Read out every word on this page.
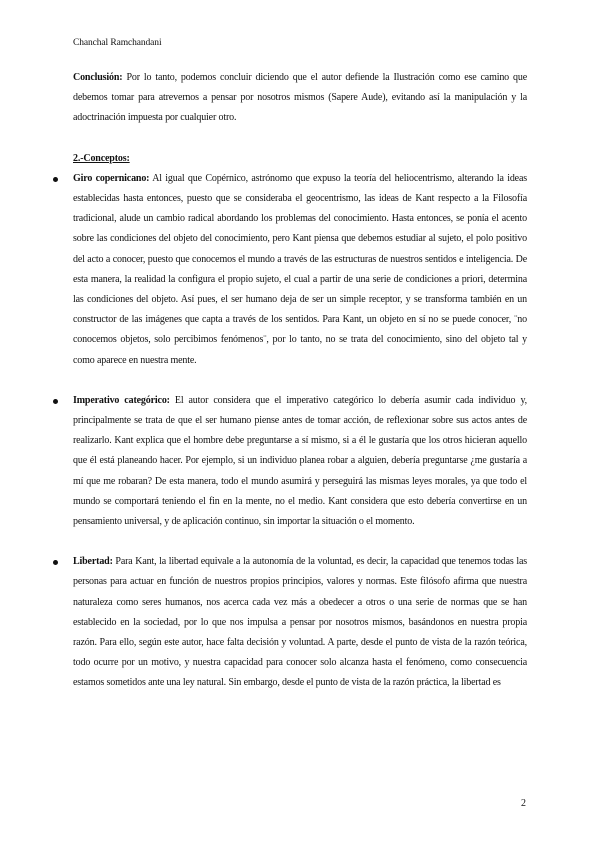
Chanchal Ramchandani

Conclusión: Por lo tanto, podemos concluir diciendo que el autor defiende la Ilustración como ese camino que debemos tomar para atrevernos a pensar por nosotros mismos (Sapere Aude), evitando así la manipulación y la adoctrinación impuesta por cualquier otro.

2.-Conceptos:

Giro copernicano: Al igual que Copérnico, astrónomo que expuso la teoría del heliocentrismo, alterando la ideas establecidas hasta entonces, puesto que se consideraba el geocentrismo, las ideas de Kant respecto a la Filosofía tradicional, alude un cambio radical abordando los problemas del conocimiento. Hasta entonces, se ponía el acento sobre las condiciones del objeto del conocimiento, pero Kant piensa que debemos estudiar al sujeto, el polo positivo del acto a conocer, puesto que conocemos el mundo a través de las estructuras de nuestros sentidos e inteligencia. De esta manera, la realidad la configura el propio sujeto, el cual a partir de una serie de condiciones a priori, determina las condiciones del objeto. Así pues, el ser humano deja de ser un simple receptor, y se transforma también en un constructor de las imágenes que capta a través de los sentidos. Para Kant, un objeto en sí no se puede conocer, ¨no conocemos objetos, solo percibimos fenómenos¨, por lo tanto, no se trata del conocimiento, sino del objeto tal y como aparece en nuestra mente.

Imperativo categórico: El autor considera que el imperativo categórico lo debería asumir cada individuo y, principalmente se trata de que el ser humano piense antes de tomar acción, de reflexionar sobre sus actos antes de realizarlo. Kant explica que el hombre debe preguntarse a sí mismo, si a él le gustaría que los otros hicieran aquello que él está planeando hacer. Por ejemplo, si un individuo planea robar a alguien, debería preguntarse ¿me gustaría a mí que me robaran? De esta manera, todo el mundo asumirá y perseguirá las mismas leyes morales, ya que todo el mundo se comportará teniendo el fin en la mente, no el medio. Kant considera que esto debería convertirse en un pensamiento universal, y de aplicación continuo, sin importar la situación o el momento.

Libertad: Para Kant, la libertad equivale a la autonomía de la voluntad, es decir, la capacidad que tenemos todas las personas para actuar en función de nuestros propios principios, valores y normas. Este filósofo afirma que nuestra naturaleza como seres humanos, nos acerca cada vez más a obedecer a otros o una serie de normas que se han establecido en la sociedad, por lo que nos impulsa a pensar por nosotros mismos, basándonos en nuestra propia razón. Para ello, según este autor, hace falta decisión y voluntad. A parte, desde el punto de vista de la razón teórica, todo ocurre por un motivo, y nuestra capacidad para conocer solo alcanza hasta el fenómeno, como consecuencia estamos sometidos ante una ley natural. Sin embargo, desde el punto de vista de la razón práctica, la libertad es

2
